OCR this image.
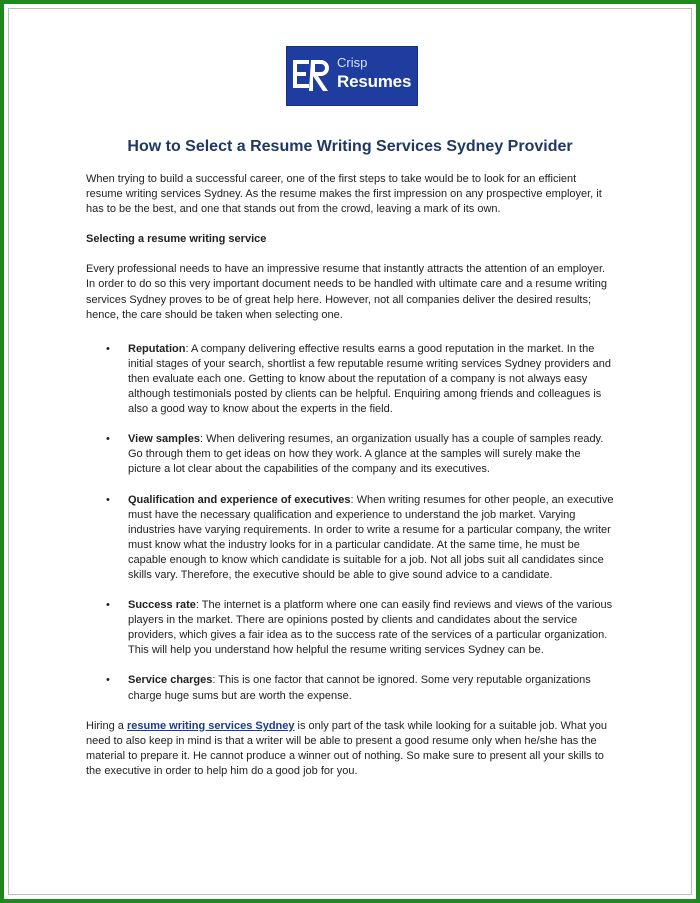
Crisp
Resumes
How to Select a Resume Writing Services Sydney Provider

When trying to build a successful career, one of the first steps to take would be to look for an efficient resume writing services Sydney. As the resume makes the first impression on any prospective employer, it has to be the best, and one that stands out from the crowd, leaving a mark of its own.

Selecting a resume writing service

Every professional needs to have an impressive resume that instantly attracts the attention of an employer. In order to do so this very important document needs to be handled with ultimate care and a resume writing services Sydney proves to be of great help here. However, not all companies deliver the desired results; hence, the care should be taken when selecting one.

• Reputation: A company delivering effective results earns a good reputation in the market. In the initial stages of your search, shortlist a few reputable resume writing services Sydney providers and then evaluate each one. Getting to know about the reputation of a company is not always easy although testimonials posted by clients can be helpful. Enquiring among friends and colleagues is also a good way to know about the experts in the field.
• View samples: When delivering resumes, an organization usually has a couple of samples ready. Go through them to get ideas on how they work. A glance at the samples will surely make the picture a lot clear about the capabilities of the company and its executives.
• Qualification and experience of executives: When writing resumes for other people, an executive must have the necessary qualification and experience to understand the job market. Varying industries have varying requirements. In order to write a resume for a particular company, the writer must know what the industry looks for in a particular candidate. At the same time, he must be capable enough to know which candidate is suitable for a job. Not all jobs suit all candidates since skills vary. Therefore, the executive should be able to give sound advice to a candidate.
• Success rate: The internet is a platform where one can easily find reviews and views of the various players in the market. There are opinions posted by clients and candidates about the service providers, which gives a fair idea as to the success rate of the services of a particular organization. This will help you understand how helpful the resume writing services Sydney can be.
• Service charges: This is one factor that cannot be ignored. Some very reputable organizations charge huge sums but are worth the expense.

Hiring a resume writing services Sydney is only part of the task while looking for a suitable job. What you need to also keep in mind is that a writer will be able to present a good resume only when he/she has the material to prepare it. He cannot produce a winner out of nothing. So make sure to present all your skills to the executive in order to help him do a good job for you.
